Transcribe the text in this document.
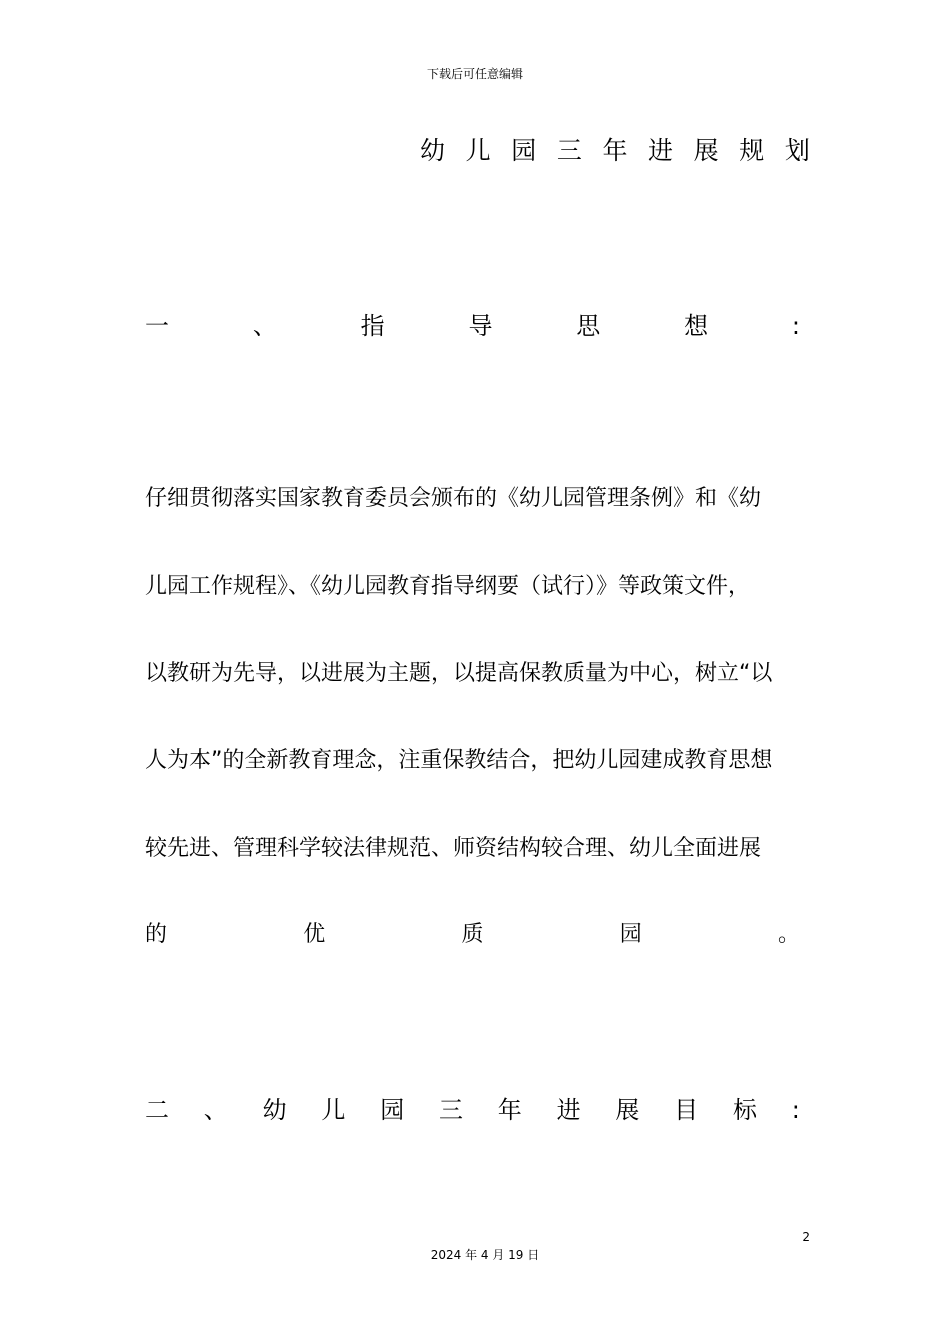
下载后可任意编辑
幼 儿 园 三 年 进 展 规 划
一	、	指	导	思	想	:
仔细贯彻落实国家教育委员会颁布的《幼儿园管理条例》和《幼
儿园工作规程》、《幼儿园教育指导纲要（试行）》等政策文件，
以教研为先导，以进展为主题，以提高保教质量为中心，树立“以
人为本”的全新教育理念，注重保教结合，把幼儿园建成教育思想
较先进、管理科学较法律规范、师资结构较合理、幼儿全面进展
的	优	质	园	。
二 、 幼 儿 园 三 年 进 展 目 标 :
2
2024 年 4 月 19 日
